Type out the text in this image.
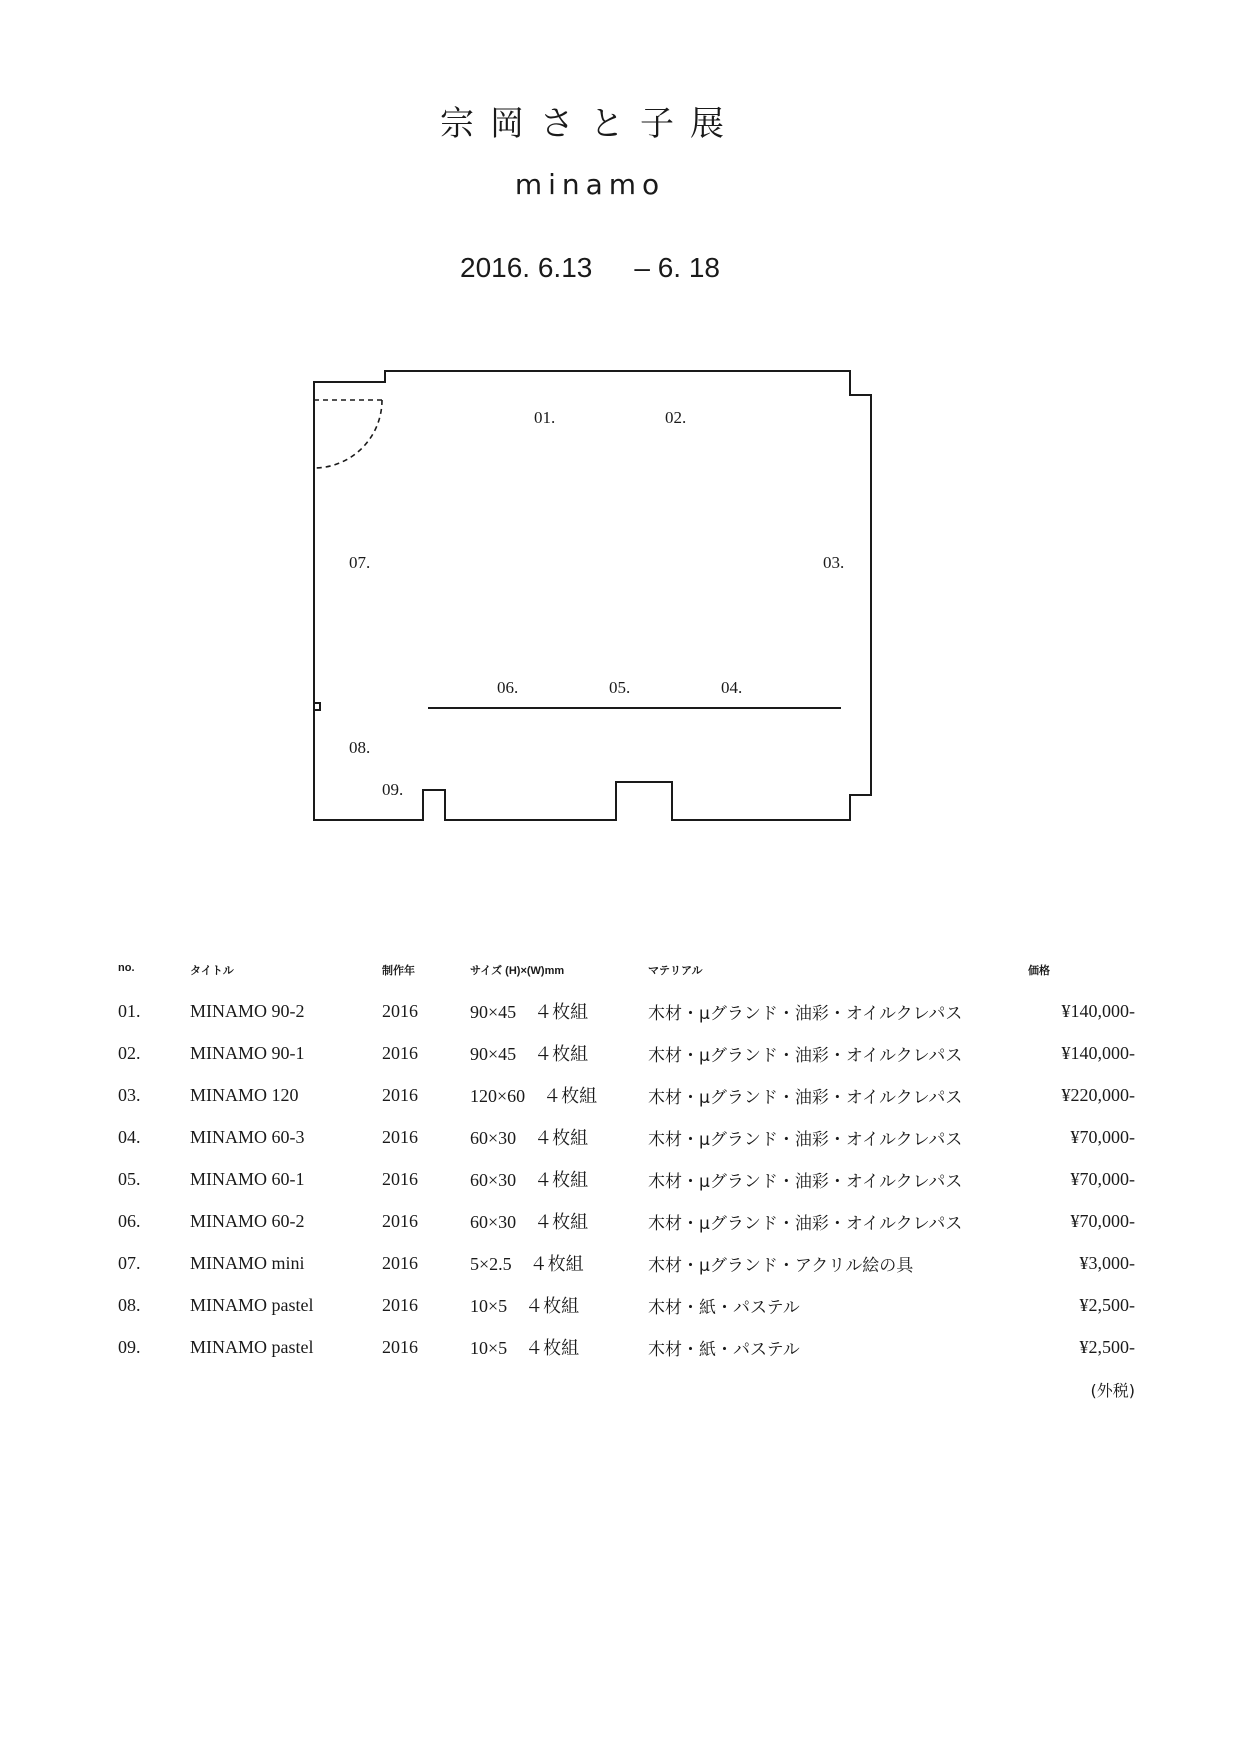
宗岡さと子展
minamo
2016. 6.13 – 6. 18
01.	02.
03.
04.
05.
06.
07.
08.
09.
no.	タイトル	制作年	サイズ (H)×(W)mm	マテリアル	価格
01.	MINAMO 90-2	2016	90×45　４枚組	木材・µグランド・油彩・オイルクレパス	¥140,000-
02.	MINAMO 90-1	2016	90×45　４枚組	木材・µグランド・油彩・オイルクレパス	¥140,000-
03.	MINAMO 120	2016	120×60　４枚組	木材・µグランド・油彩・オイルクレパス	¥220,000-
04.	MINAMO 60-3	2016	60×30　４枚組	木材・µグランド・油彩・オイルクレパス	¥70,000-
05.	MINAMO 60-1	2016	60×30　４枚組	木材・µグランド・油彩・オイルクレパス	¥70,000-
06.	MINAMO 60-2	2016	60×30　４枚組	木材・µグランド・油彩・オイルクレパス	¥70,000-
07.	MINAMO mini	2016	5×2.5　４枚組	木材・µグランド・アクリル絵の具	¥3,000-
08.	MINAMO pastel	2016	10×5　４枚組	木材・紙・パステル	¥2,500-
09.	MINAMO pastel	2016	10×5　４枚組	木材・紙・パステル	¥2,500-
(外税)
